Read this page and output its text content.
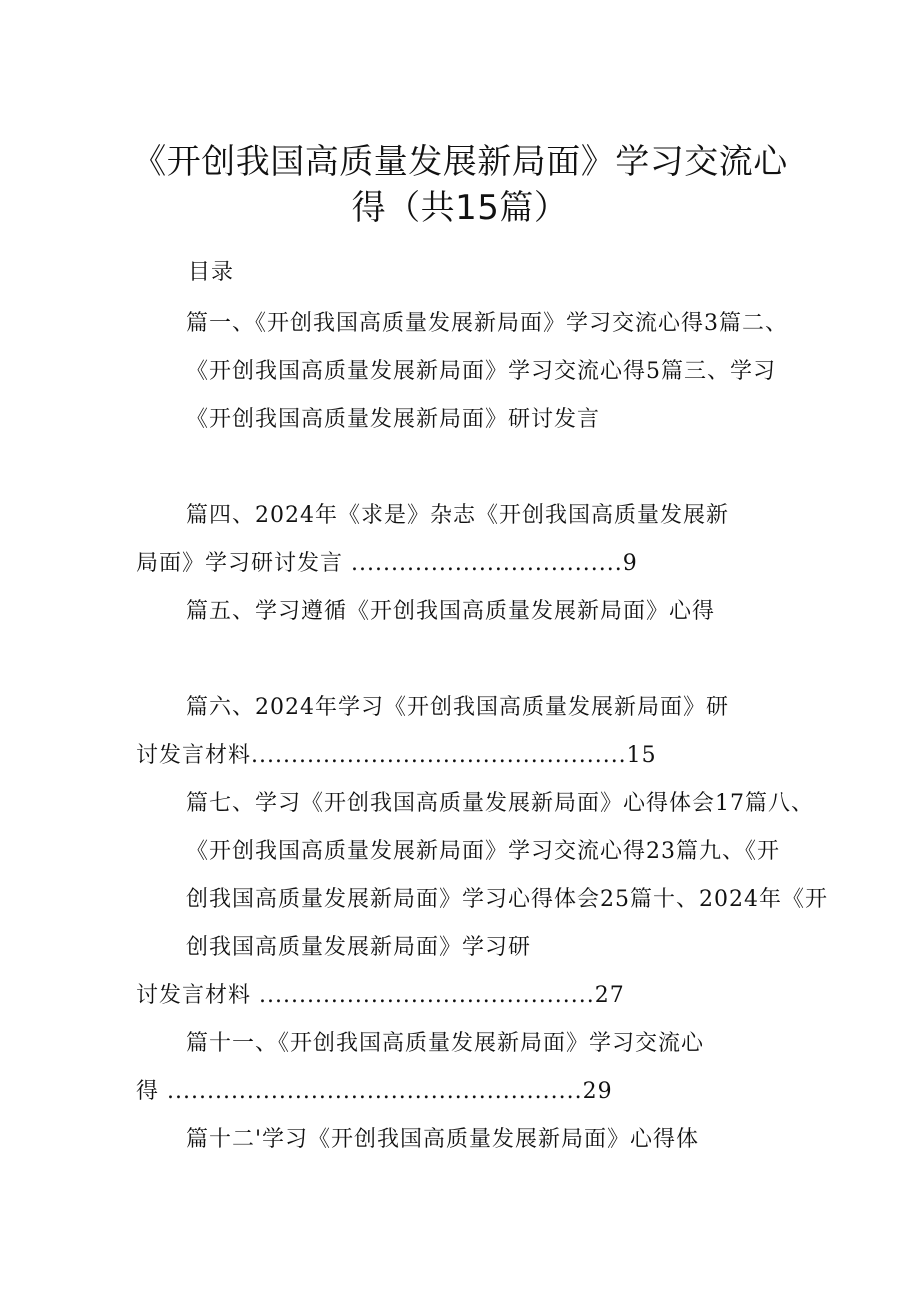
《开创我国高质量发展新局面》学习交流心
得（共15篇）
目录
篇一、《开创我国高质量发展新局面》学习交流心得3篇二、
《开创我国高质量发展新局面》学习交流心得5篇三、学习
《开创我国高质量发展新局面》研讨发言
篇四、2024年《求是》杂志《开创我国高质量发展新
局面》学习研讨发言 ..................................9
篇五、学习遵循《开创我国高质量发展新局面》心得
篇六、2024年学习《开创我国高质量发展新局面》研
讨发言材料...............................................15
篇七、学习《开创我国高质量发展新局面》心得体会17篇八、
《开创我国高质量发展新局面》学习交流心得23篇九、《开
创我国高质量发展新局面》学习心得体会25篇十、2024年《开
创我国高质量发展新局面》学习研
讨发言材料 ..........................................27
篇十一、《开创我国高质量发展新局面》学习交流心
得 ....................................................29
篇十二'学习《开创我国高质量发展新局面》心得体
